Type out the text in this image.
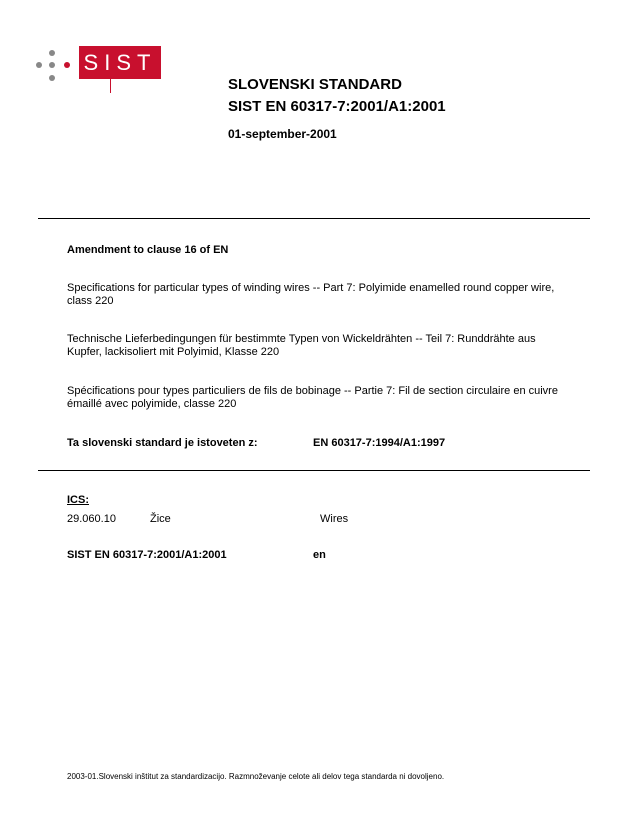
SIST
SLOVENSKI STANDARD
SIST EN 60317-7:2001/A1:2001
01-september-2001
Amendment to clause 16 of EN
Specifications for particular types of winding wires -- Part 7: Polyimide enamelled round copper wire, class 220
Technische Lieferbedingungen für bestimmte Typen von Wickeldrähten -- Teil 7: Runddrähte aus Kupfer, lackisoliert mit Polyimid, Klasse 220
Spécifications pour types particuliers de fils de bobinage -- Partie 7: Fil de section circulaire en cuivre émaillé avec polyimide, classe 220
Ta slovenski standard je istoveten z:	EN 60317-7:1994/A1:1997
ICS:
29.060.10	Žice	Wires
SIST EN 60317-7:2001/A1:2001	en
2003-01.Slovenski inštitut za standardizacijo. Razmnoževanje celote ali delov tega standarda ni dovoljeno.
